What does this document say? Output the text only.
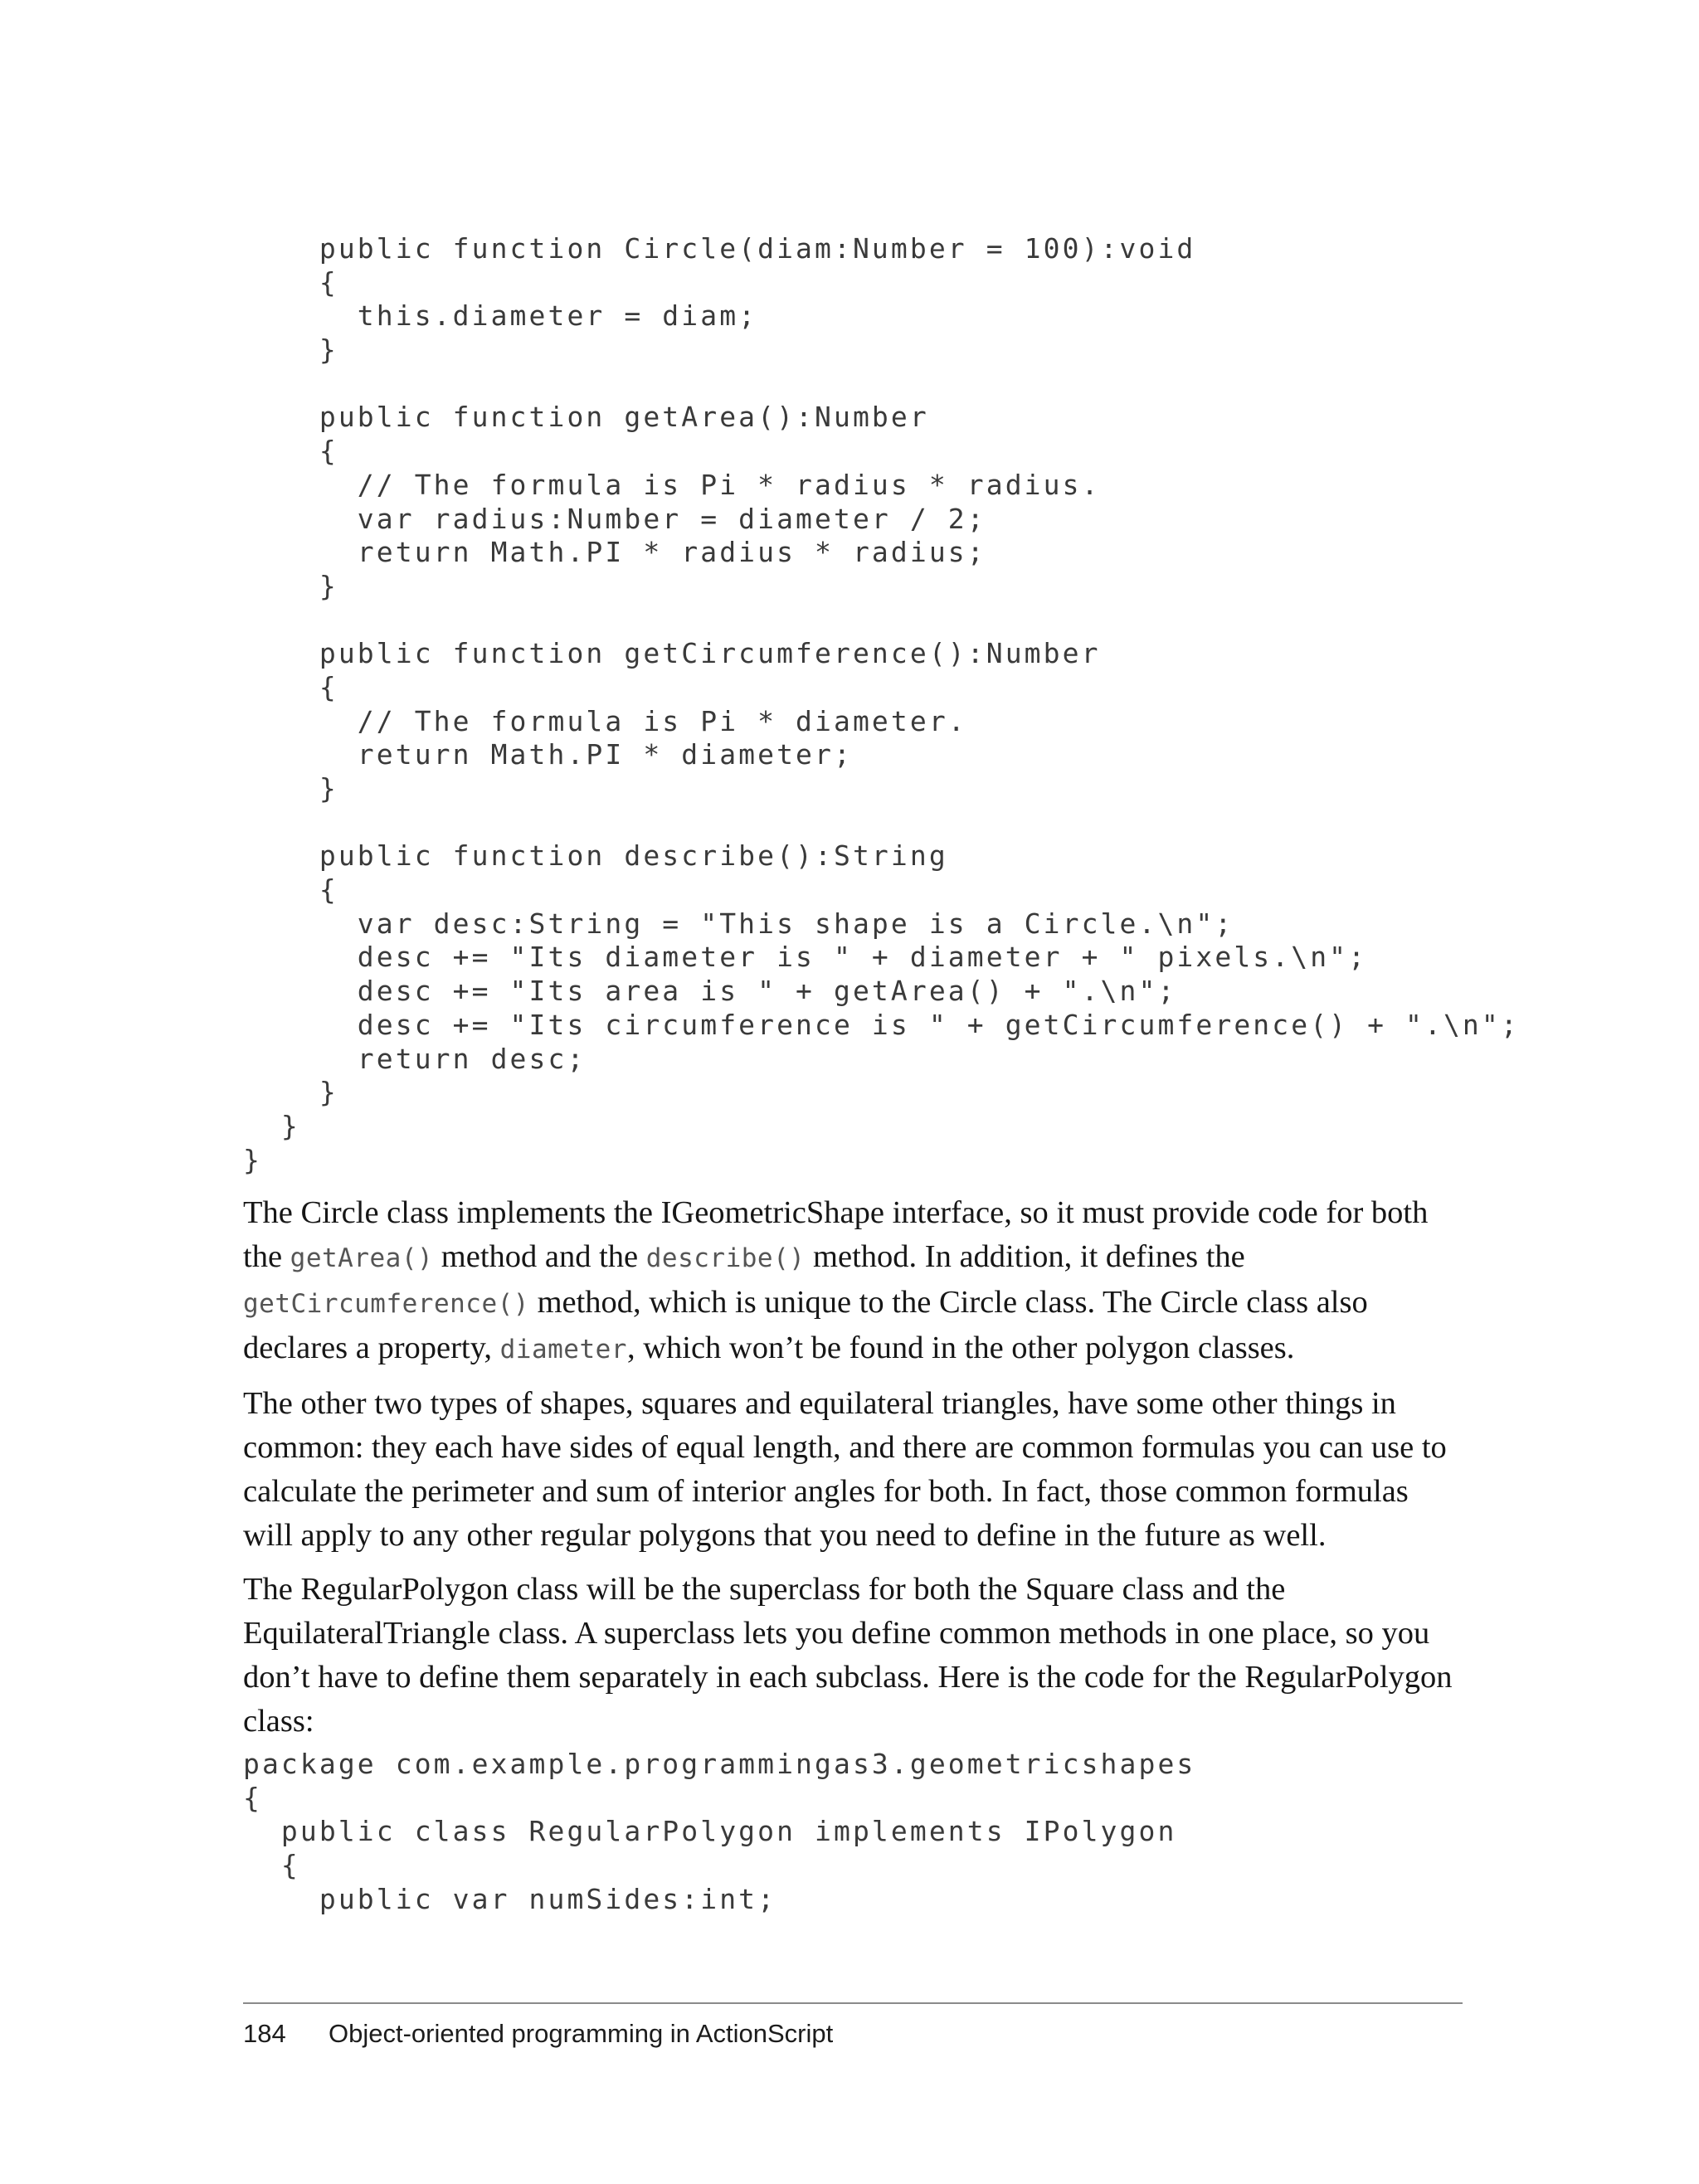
public function Circle(diam:Number = 100):void
{
this.diameter = diam;
}
public function getArea():Number
{
// The formula is Pi * radius * radius.
var radius:Number = diameter / 2;
return Math.PI * radius * radius;
}
public function getCircumference():Number
{
// The formula is Pi * diameter.
return Math.PI * diameter;
}
public function describe():String
{
var desc:String = "This shape is a Circle.\n";
desc += "Its diameter is " + diameter + " pixels.\n";
desc += "Its area is " + getArea() + ".\n";
desc += "Its circumference is " + getCircumference() + ".\n";
return desc;
}
}
}

The Circle class implements the IGeometricShape interface, so it must provide code for both the getArea() method and the describe() method. In addition, it defines the getCircumference() method, which is unique to the Circle class. The Circle class also declares a property, diameter, which won’t be found in the other polygon classes.

The other two types of shapes, squares and equilateral triangles, have some other things in common: they each have sides of equal length, and there are common formulas you can use to calculate the perimeter and sum of interior angles for both. In fact, those common formulas will apply to any other regular polygons that you need to define in the future as well.

The RegularPolygon class will be the superclass for both the Square class and the EquilateralTriangle class. A superclass lets you define common methods in one place, so you don’t have to define them separately in each subclass. Here is the code for the RegularPolygon class:

package com.example.programmingas3.geometricshapes
{
public class RegularPolygon implements IPolygon
{
public var numSides:int;
184 Object-oriented programming in ActionScript
